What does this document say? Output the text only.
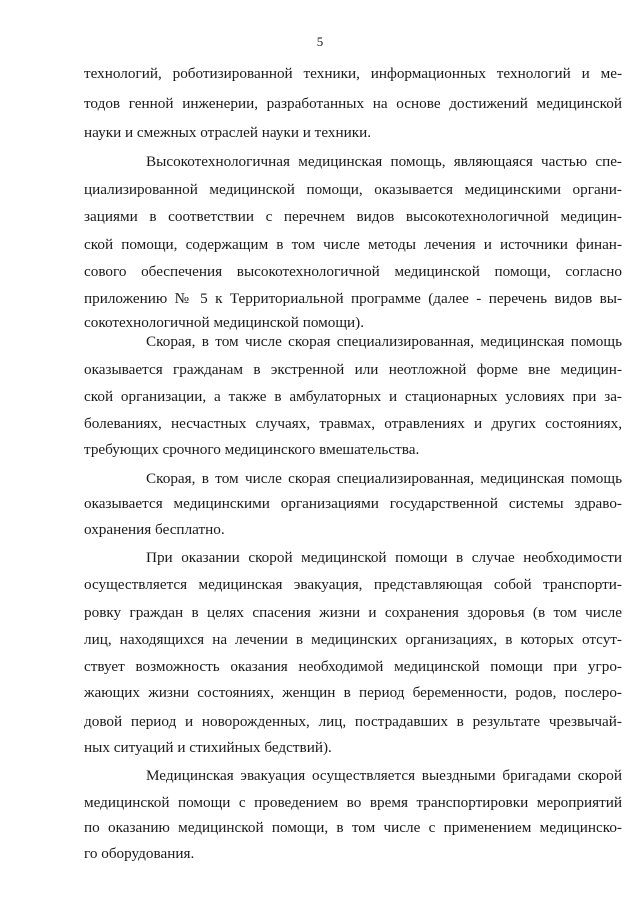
5
технологий, роботизированной техники, информационных технологий и ме-
тодов генной инженерии, разработанных на основе достижений медицинской
науки и смежных отраслей науки и техники.
Высокотехнологичная медицинская помощь, являющаяся частью спе-
циализированной медицинской помощи, оказывается медицинскими органи-
зациями в соответствии с перечнем видов высокотехнологичной медицин-
ской помощи, содержащим в том числе методы лечения и источники финан-
сового обеспечения высокотехнологичной медицинской помощи, согласно
приложению № 5 к Территориальной программе (далее - перечень видов вы-
сокотехнологичной медицинской помощи).
Скорая, в том числе скорая специализированная, медицинская помощь
оказывается гражданам в экстренной или неотложной форме вне медицин-
ской организации, а также в амбулаторных и стационарных условиях при за-
болеваниях, несчастных случаях, травмах, отравлениях и других состояниях,
требующих срочного медицинского вмешательства.
Скорая, в том числе скорая специализированная, медицинская помощь
оказывается медицинскими организациями государственной системы здраво-
охранения бесплатно.
При оказании скорой медицинской помощи в случае необходимости
осуществляется медицинская эвакуация, представляющая собой транспорти-
ровку граждан в целях спасения жизни и сохранения здоровья (в том числе
лиц, находящихся на лечении в медицинских организациях, в которых отсут-
ствует возможность оказания необходимой медицинской помощи при угро-
жающих жизни состояниях, женщин в период беременности, родов, послеро-
довой период и новорожденных, лиц, пострадавших в результате чрезвычай-
ных ситуаций и стихийных бедствий).
Медицинская эвакуация осуществляется выездными бригадами скорой
медицинской помощи с проведением во время транспортировки мероприятий
по оказанию медицинской помощи, в том числе с применением медицинско-
го оборудования.
